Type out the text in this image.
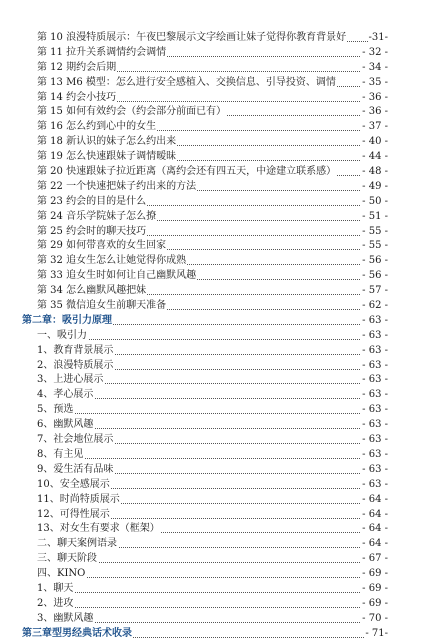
第 10 浪漫特质展示：午夜巴黎展示文字绘画让妹子觉得你教育背景好 -31-
第 11 拉升关系调情约会调情	- 32 -
第 12 期约会后期	- 34 -
第 13 M6 模型：怎么进行安全感植入、交换信息、引导投资、调情	- 35 -
第 14 约会小技巧	- 36 -
第 15 如何有效约会（约会部分前面已有）	- 36 -
第 16 怎么约到心中的女生	- 37 -
第 18 新认识的妹子怎么约出来	- 40 -
第 19 怎么快速跟妹子调情暧昧	- 44 -
第 20 快速跟妹子拉近距离（离约会还有四五天，中途建立联系感）	- 48 -
第 22 一个快速把妹子约出来的方法	- 49 -
第 23 约会的目的是什么	- 50 -
第 24 音乐学院妹子怎么撩	- 51 -
第 25 约会时的聊天技巧	- 55 -
第 29 如何带喜欢的女生回家	- 55 -
第 32 追女生怎么让她觉得你成熟	- 56 -
第 33 追女生时如何让自己幽默风趣	- 56 -
第 34 怎么幽默风趣把妹	- 57 -
第 35 微信追女生前聊天准备	- 62 -
第二章：吸引力原理	- 63 -
一、吸引力	- 63 -
1、教育背景展示	- 63 -
2、浪漫特质展示	- 63 -
3、上进心展示	- 63 -
4、孝心展示	- 63 -
5、预选	- 63 -
6、幽默风趣	- 63 -
7、社会地位展示	- 63 -
8、有主见	- 63 -
9、爱生活有品味	- 63 -
10、安全感展示	- 63 -
11、时尚特质展示	- 64 -
12、可得性展示	- 64 -
13、对女生有要求（框架）	- 64 -
二、聊天案例语录	- 64 -
三、聊天阶段	- 67 -
四、KINO	- 69 -
1、聊天	- 69 -
2、进攻	- 69 -
3、幽默风趣	- 70 -
第三章型男经典话术收录	- 71-
